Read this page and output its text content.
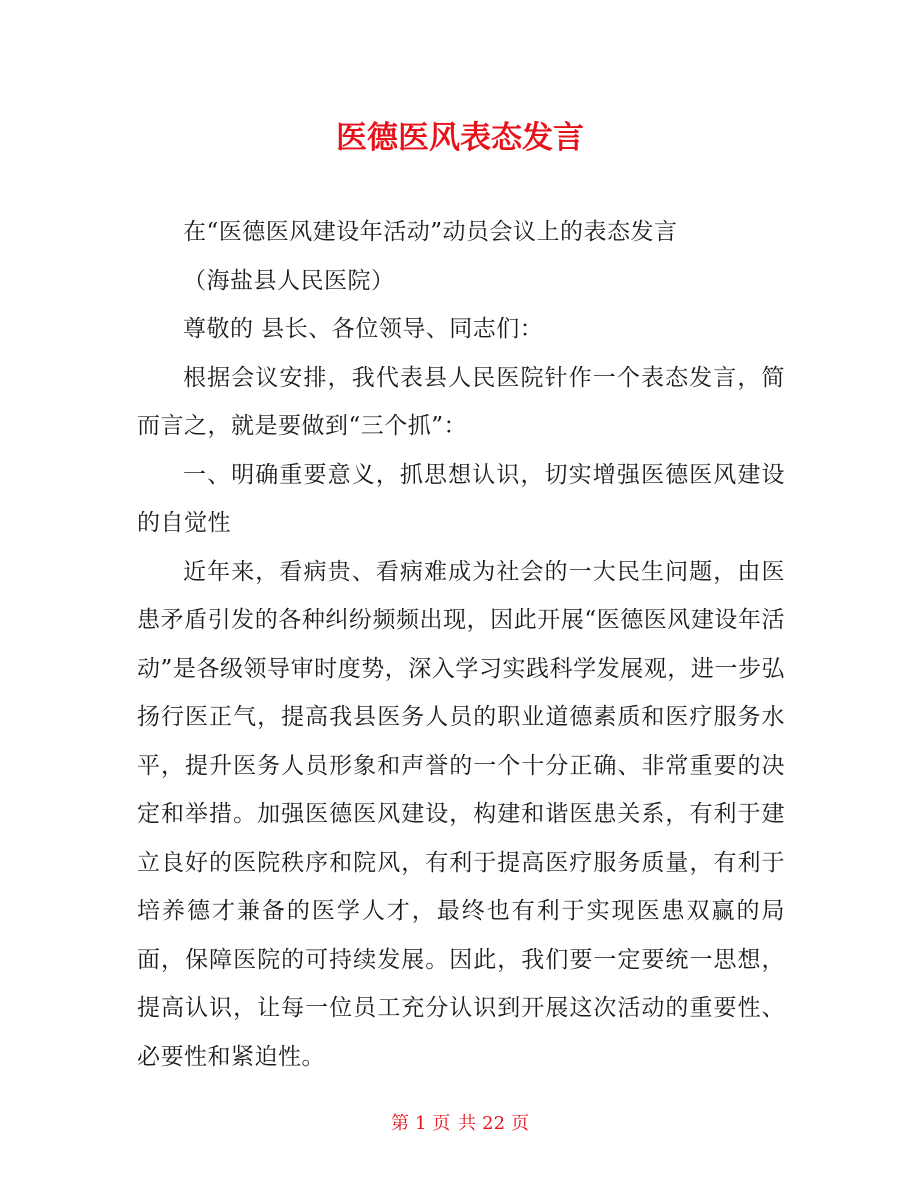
医德医风表态发言

在“医德医风建设年活动”动员会议上的表态发言

（海盐县人民医院）

尊敬的 县长、各位领导、同志们：

根据会议安排，我代表县人民医院针作一个表态发言，简而言之，就是要做到“三个抓”：

一、明确重要意义，抓思想认识，切实增强医德医风建设的自觉性

近年来，看病贵、看病难成为社会的一大民生问题，由医患矛盾引发的各种纠纷频频出现，因此开展“医德医风建设年活动”是各级领导审时度势，深入学习实践科学发展观，进一步弘扬行医正气，提高我县医务人员的职业道德素质和医疗服务水平，提升医务人员形象和声誉的一个十分正确、非常重要的决定和举措。加强医德医风建设，构建和谐医患关系，有利于建立良好的医院秩序和院风，有利于提高医疗服务质量，有利于培养德才兼备的医学人才，最终也有利于实现医患双赢的局面，保障医院的可持续发展。因此，我们要一定要统一思想，提高认识，让每一位员工充分认识到开展这次活动的重要性、必要性和紧迫性。

第 1 页 共 22 页
